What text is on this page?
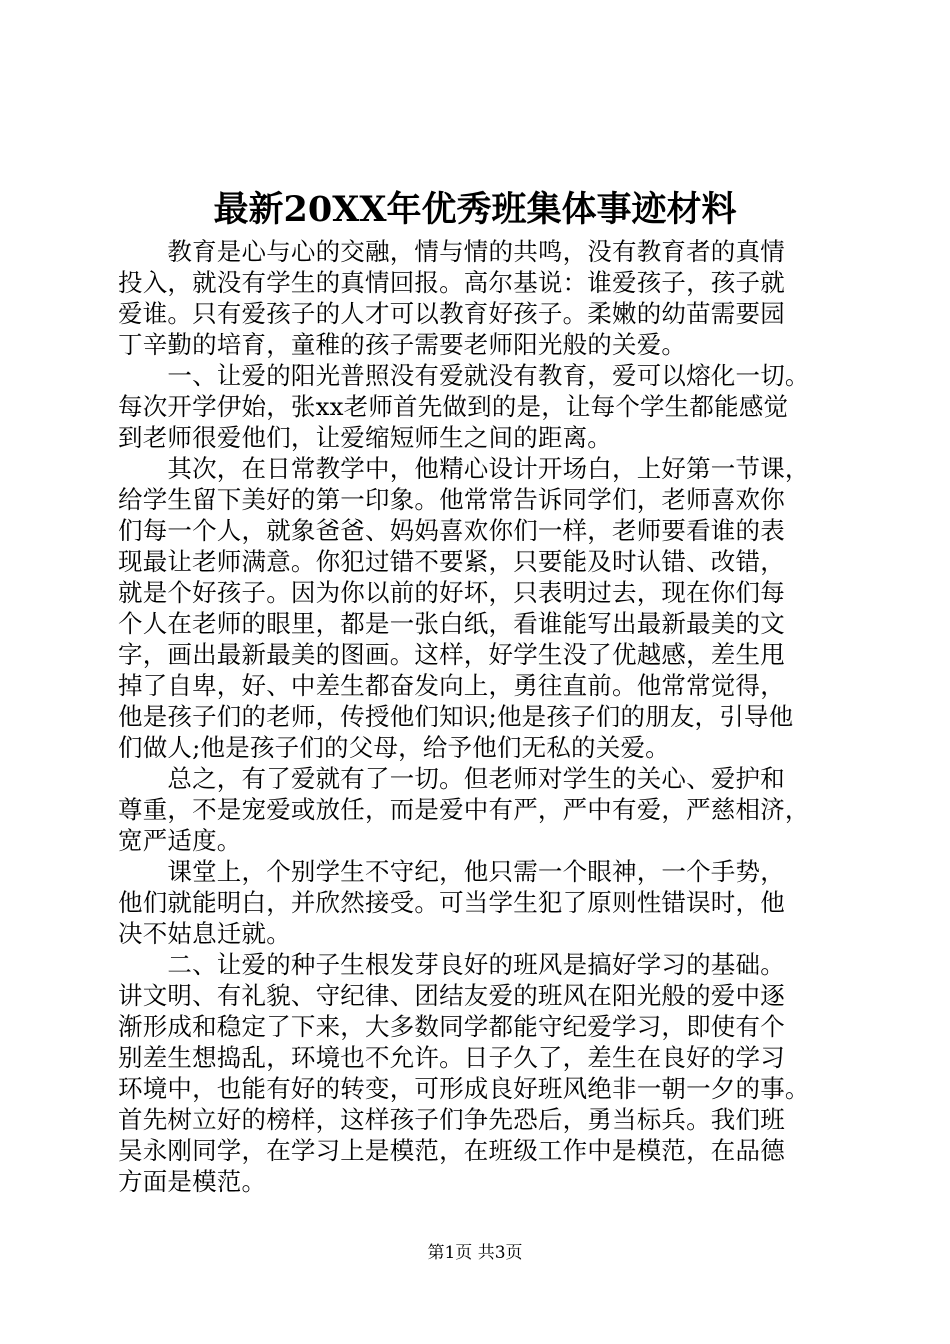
最新20XX年优秀班集体事迹材料
　　教育是心与心的交融，情与情的共鸣，没有教育者的真情
投入，就没有学生的真情回报。高尔基说：谁爱孩子，孩子就
爱谁。只有爱孩子的人才可以教育好孩子。柔嫩的幼苗需要园
丁辛勤的培育，童稚的孩子需要老师阳光般的关爱。
　　一、让爱的阳光普照没有爱就没有教育，爱可以熔化一切。
每次开学伊始，张xx老师首先做到的是，让每个学生都能感觉
到老师很爱他们，让爱缩短师生之间的距离。
　　其次，在日常教学中，他精心设计开场白，上好第一节课，
给学生留下美好的第一印象。他常常告诉同学们，老师喜欢你
们每一个人，就象爸爸、妈妈喜欢你们一样，老师要看谁的表
现最让老师满意。你犯过错不要紧，只要能及时认错、改错，
就是个好孩子。因为你以前的好坏，只表明过去，现在你们每
个人在老师的眼里，都是一张白纸，看谁能写出最新最美的文
字，画出最新最美的图画。这样，好学生没了优越感，差生甩
掉了自卑，好、中差生都奋发向上，勇往直前。他常常觉得，
他是孩子们的老师，传授他们知识;他是孩子们的朋友，引导他
们做人;他是孩子们的父母，给予他们无私的关爱。
　　总之，有了爱就有了一切。但老师对学生的关心、爱护和
尊重，不是宠爱或放任，而是爱中有严，严中有爱，严慈相济，
宽严适度。
　　课堂上，个别学生不守纪，他只需一个眼神，一个手势，
他们就能明白，并欣然接受。可当学生犯了原则性错误时，他
决不姑息迁就。
　　二、让爱的种子生根发芽良好的班风是搞好学习的基础。
讲文明、有礼貌、守纪律、团结友爱的班风在阳光般的爱中逐
渐形成和稳定了下来，大多数同学都能守纪爱学习，即使有个
别差生想捣乱，环境也不允许。日子久了，差生在良好的学习
环境中，也能有好的转变，可形成良好班风绝非一朝一夕的事。
首先树立好的榜样，这样孩子们争先恐后，勇当标兵。我们班
吴永刚同学，在学习上是模范，在班级工作中是模范，在品德
方面是模范。
第1页 共3页
